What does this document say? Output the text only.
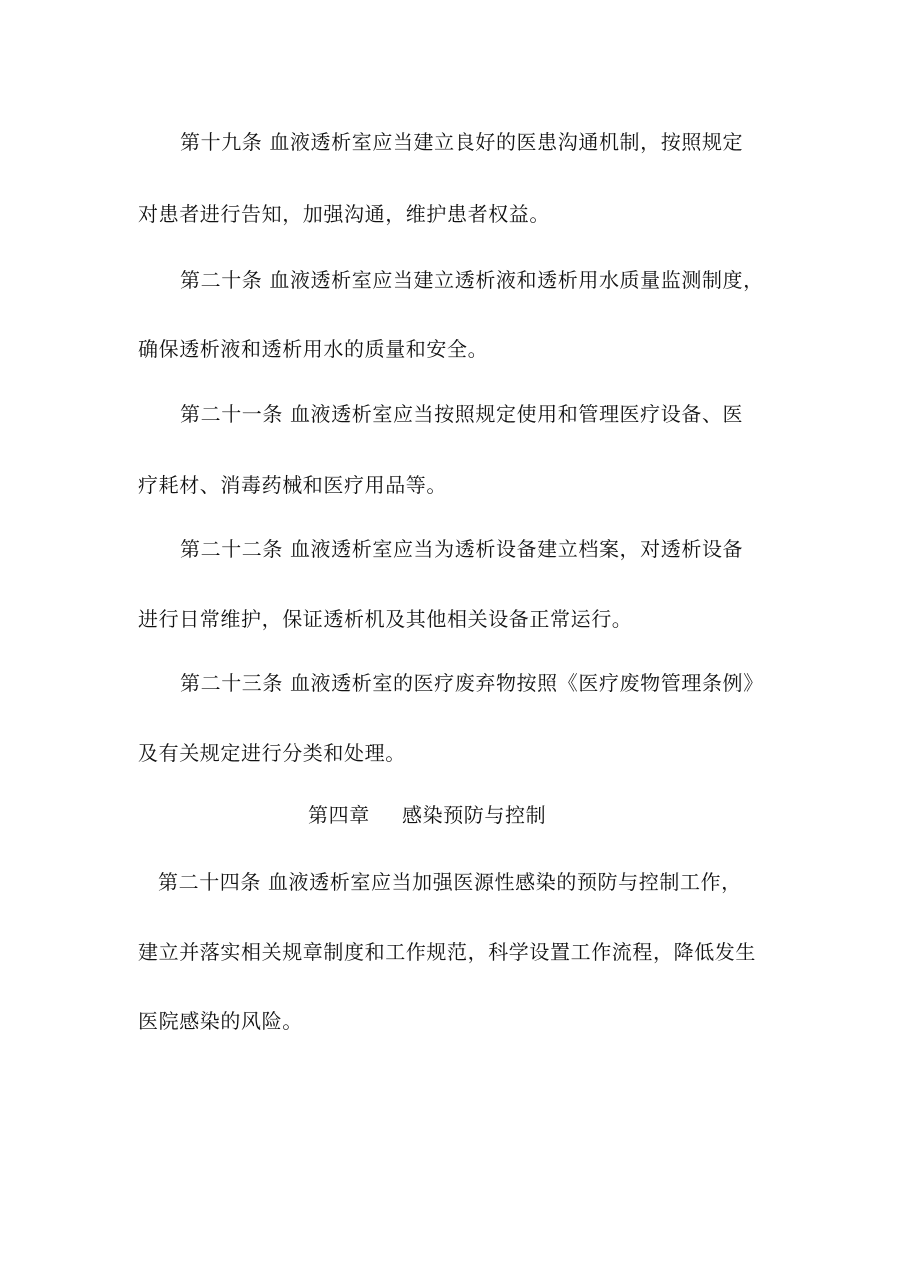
第十九条 血液透析室应当建立良好的医患沟通机制，按照规定
对患者进行告知，加强沟通，维护患者权益。
第二十条 血液透析室应当建立透析液和透析用水质量监测制度，
确保透析液和透析用水的质量和安全。
第二十一条 血液透析室应当按照规定使用和管理医疗设备、医
疗耗材、消毒药械和医疗用品等。
第二十二条 血液透析室应当为透析设备建立档案，对透析设备
进行日常维护，保证透析机及其他相关设备正常运行。
第二十三条 血液透析室的医疗废弃物按照《医疗废物管理条例》
及有关规定进行分类和处理。
第四章 感染预防与控制
第二十四条 血液透析室应当加强医源性感染的预防与控制工作，
建立并落实相关规章制度和工作规范，科学设置工作流程，降低发生
医院感染的风险。
